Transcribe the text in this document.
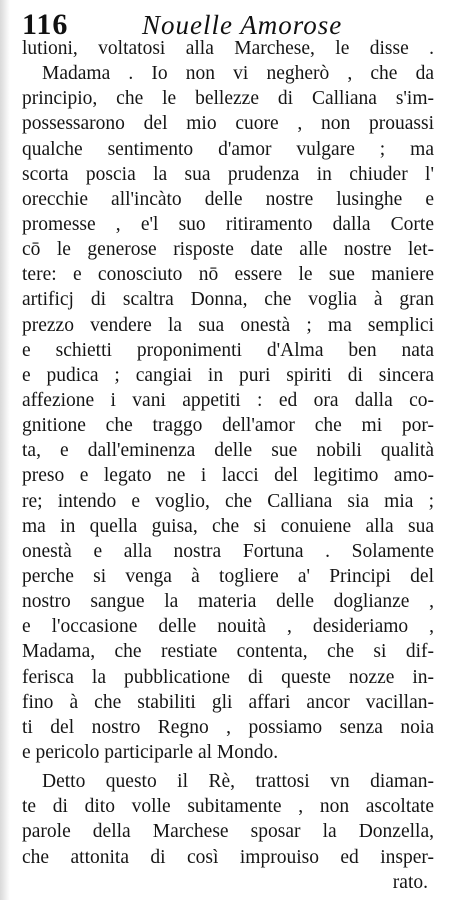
116	Nouelle Amorose
lutioni, voltatosi alla Marchese, le disse .
Madama . Io non vi negherò , che da
principio, che le bellezze di Calliana s'im-
possessarono del mio cuore , non prouassi
qualche sentimento d'amor vulgare ; ma
scorta poscia la sua prudenza in chiuder l'
orecchie all'incàto delle nostre lusinghe e
promesse , e'l suo ritiramento dalla Corte
cō le generose risposte date alle nostre let-
tere: e conosciuto nō essere le sue maniere
artificj di scaltra Donna, che voglia à gran
prezzo vendere la sua onestà ; ma semplici
e schietti proponimenti d'Alma ben nata
e pudica ; cangiai in puri spiriti di sincera
affezione i vani appetiti : ed ora dalla co-
gnitione che traggo dell'amor che mi por-
ta, e dall'eminenza delle sue nobili qualità
preso e legato ne i lacci del legitimo amo-
re; intendo e voglio, che Calliana sia mia ;
ma in quella guisa, che si conuiene alla sua
onestà e alla nostra Fortuna . Solamente
perche si venga à togliere a' Principi del
nostro sangue la materia delle doglianze ,
e l'occasione delle nouità , desideriamo ,
Madama, che restiate contenta, che si dif-
ferisca la pubblicatione di queste nozze in-
fino à che stabiliti gli affari ancor vacillan-
ti del nostro Regno , possiamo senza noia
e pericolo participarle al Mondo.
Detto questo il Rè, trattosi vn diaman-
te di dito volle subitamente , non ascoltate
parole della Marchese sposar la Donzella,
che attonita di così improuiso ed insper-
rato.
